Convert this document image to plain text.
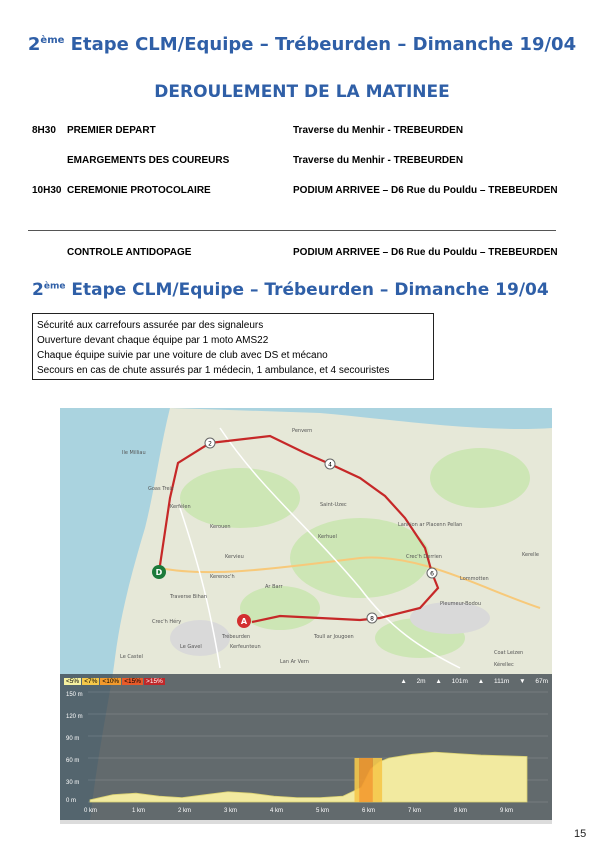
2ème Etape CLM/Equipe – Trébeurden – Dimanche 19/04
DEROULEMENT DE LA MATINEE
8H30 PREMIER DEPART	Traverse du Menhir - TREBEURDEN
EMARGEMENTS DES COUREURS	Traverse du Menhir - TREBEURDEN
10H30 CEREMONIE PROTOCOLAIRE	PODIUM ARRIVEE – D6 Rue du Pouldu – TREBEURDEN
CONTROLE ANTIDOPAGE	PODIUM ARRIVEE – D6 Rue du Pouldu – TREBEURDEN
2ème Etape CLM/Equipe – Trébeurden – Dimanche 19/04
Sécurité aux carrefours assurée par des signaleurs
Ouverture devant chaque équipe par 1 moto AMS22
Chaque équipe suivie par une voiture de club avec DS et mécano
Secours en cas de chute assurés par 1 médecin, 1 ambulance, et 4 secouristes
2
4
6
8
D
A
Penvern
Saint-Uzec
Lannion ar Placenn Pellan
Crec'h Derrien
Kerhuel
Pleumeur-Bodou
Trébeurden
Crec'h Héry
Traverse Bihan
Lommotten
Kerelle
Kerouen
Coat Leizen
Kérellec
Lan Ar Vern
Kerfeunteun
Toull ar Jougoen
Le Gavel
Le Castel
Ile Milliau
Goas Treiz
Kerfélen
Kervieu
Kerenoc'h
Ar Barr
<5% <7% <10% <15% >15%	▲ 2m ▲ 101m ▲ 111m ▼ 67m
150 m
120 m
90 m
60 m
30 m
0 m
0 km	1 km	2 km	3 km	4 km	5 km	6 km	7 km	8 km	9 km
15
